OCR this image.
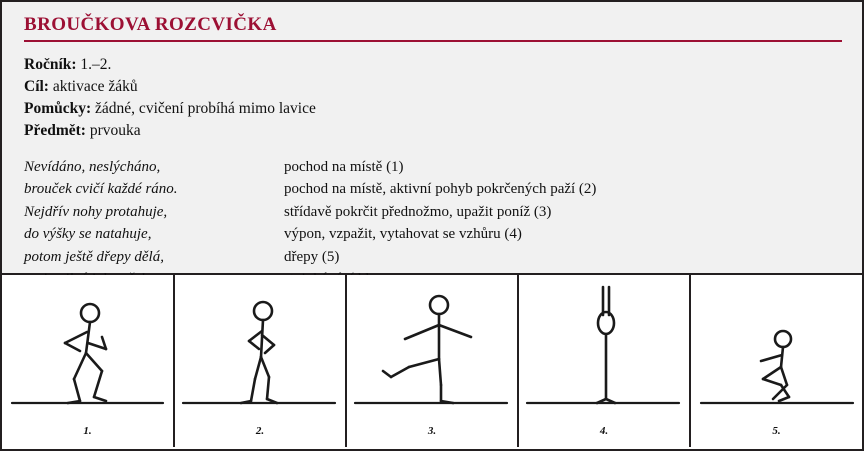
BROUČKOVA ROZCVIČKA
Ročník: 1.–2.
Cíl: aktivace žáků
Pomůcky: žádné, cvičení probíhá mimo lavice
Předmět: prvouka
Nevídáno, neslýcháno,	pochod na místě (1)
brouček cvičí každé ráno.	pochod na místě, aktivní pohyb pokrčených paží (2)
Nejdřív nohy protahuje,	střídavě pokrčit přednožmo, upažit poníž (3)
do výšky se natahuje,	výpon, vzpažit, vytahovat se vzhůru (4)
potom ještě dřepy dělá,	dřepy (5)

1.	2.	3.	4.	5.
